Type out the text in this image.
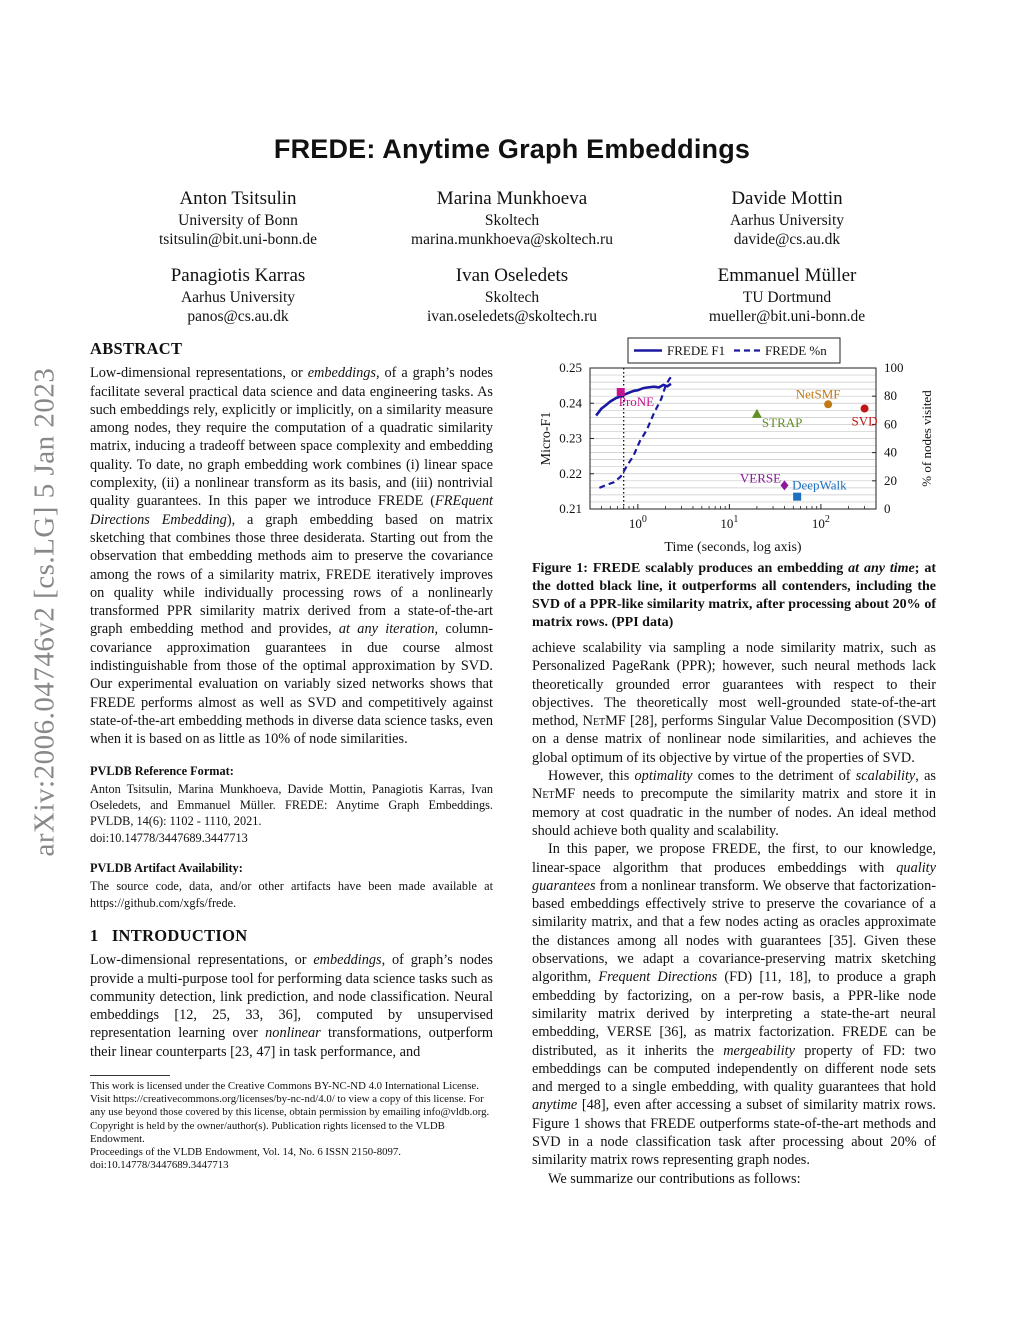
arXiv:2006.04746v2 [cs.LG] 5 Jan 2023
FREDE: Anytime Graph Embeddings
Anton Tsitsulin
University of Bonn
tsitsulin@bit.uni-bonn.de
Marina Munkhoeva
Skoltech
marina.munkhoeva@skoltech.ru
Davide Mottin
Aarhus University
davide@cs.au.dk
Panagiotis Karras
Aarhus University
panos@cs.au.dk
Ivan Oseledets
Skoltech
ivan.oseledets@skoltech.ru
Emmanuel Müller
TU Dortmund
mueller@bit.uni-bonn.de
ABSTRACT

Low-dimensional representations, or embeddings, of a graph’s nodes facilitate several practical data science and data engineering tasks. As such embeddings rely, explicitly or implicitly, on a similarity measure among nodes, they require the computation of a quadratic similarity matrix, inducing a tradeoff between space complexity and embedding quality. To date, no graph embedding work combines (i) linear space complexity, (ii) a nonlinear transform as its basis, and (iii) nontrivial quality guarantees. In this paper we introduce FREDE (FREquent Directions Embedding), a graph embedding based on matrix sketching that combines those three desiderata. Starting out from the observation that embedding methods aim to preserve the covariance among the rows of a similarity matrix, FREDE iteratively improves on quality while individually processing rows of a nonlinearly transformed PPR similarity matrix derived from a state-of-the-art graph embedding method and provides, at any iteration, column-covariance approximation guarantees in due course almost indistinguishable from those of the optimal approximation by SVD. Our experimental evaluation on variably sized networks shows that FREDE performs almost as well as SVD and competitively against state-of-the-art embedding methods in diverse data science tasks, even when it is based on as little as 10% of node similarities.

PVLDB Reference Format:
Anton Tsitsulin, Marina Munkhoeva, Davide Mottin, Panagiotis Karras, Ivan Oseledets, and Emmanuel Müller. FREDE: Anytime Graph Embeddings. PVLDB, 14(6): 1102 - 1110, 2021.
doi:10.14778/3447689.3447713
PVLDB Artifact Availability:
The source code, data, and/or other artifacts have been made available at https://github.com/xgfs/frede.
1   INTRODUCTION

Low-dimensional representations, or embeddings, of graph’s nodes provide a multi-purpose tool for performing data science tasks such as community detection, link prediction, and node classification. Neural embeddings [12, 25, 33, 36], computed by unsupervised representation learning over nonlinear transformations, outperform their linear counterparts [23, 47] in task performance, and

This work is licensed under the Creative Commons BY-NC-ND 4.0 International License. Visit https://creativecommons.org/licenses/by-nc-nd/4.0/ to view a copy of this license. For any use beyond those covered by this license, obtain permission by emailing info@vldb.org. Copyright is held by the owner/author(s). Publication rights licensed to the VLDB Endowment.
Proceedings of the VLDB Endowment, Vol. 14, No. 6 ISSN 2150-8097.
doi:10.14778/3447689.3447713
0.25
0.24
0.23
0.22
0.21
100
80
60
40
20
0
$10^0$	$10^1$	$10^2$
Time (seconds, log axis)
Micro-F1	% of nodes visited
ProNE
NetSMF
SVD
STRAP
VERSE DeepWalk
FREDE F1	FREDE %n
Figure 1: FREDE scalably produces an embedding at any time; at the dotted black line, it outperforms all contenders, including the SVD of a PPR-like similarity matrix, after processing about 20% of matrix rows. (PPI data)

achieve scalability via sampling a node similarity matrix, such as Personalized PageRank (PPR); however, such neural methods lack theoretically grounded error guarantees with respect to their objectives. The theoretically most well-grounded state-of-the-art method, NetMF [28], performs Singular Value Decomposition (SVD) on a dense matrix of nonlinear node similarities, and achieves the global optimum of its objective by virtue of the properties of SVD.

However, this optimality comes to the detriment of scalability, as NetMF needs to precompute the similarity matrix and store it in memory at cost quadratic in the number of nodes. An ideal method should achieve both quality and scalability.

In this paper, we propose FREDE, the first, to our knowledge, linear-space algorithm that produces embeddings with quality guarantees from a nonlinear transform. We observe that factorization-based embeddings effectively strive to preserve the covariance of a similarity matrix, and that a few nodes acting as oracles approximate the distances among all nodes with guarantees [35]. Given these observations, we adapt a covariance-preserving matrix sketching algorithm, Frequent Directions (FD) [11, 18], to produce a graph embedding by factorizing, on a per-row basis, a PPR-like node similarity matrix derived by interpreting a state-the-art neural embedding, VERSE [36], as matrix factorization. FREDE can be distributed, as it inherits the mergeability property of FD: two embeddings can be computed independently on different node sets and merged to a single embedding, with quality guarantees that hold anytime [48], even after accessing a subset of similarity matrix rows. Figure 1 shows that FREDE outperforms state-of-the-art methods and SVD in a node classification task after processing about 20% of similarity matrix rows representing graph nodes.

We summarize our contributions as follows:
